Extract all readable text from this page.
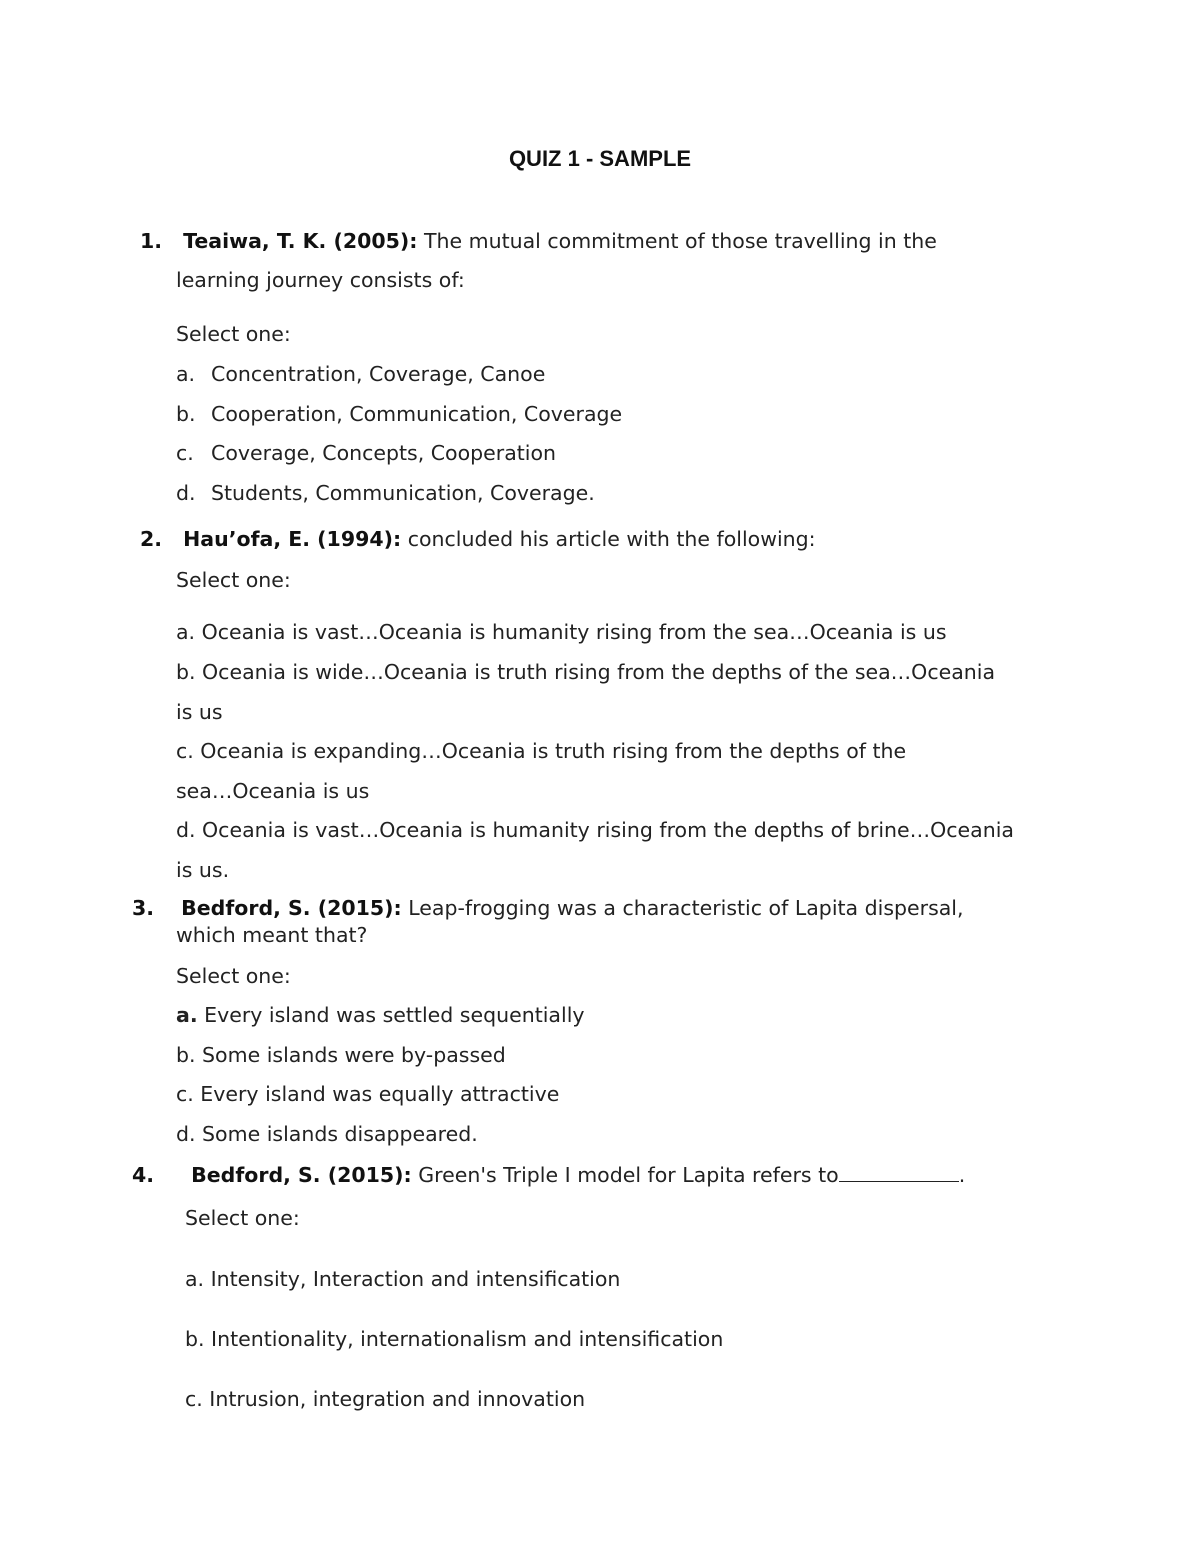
QUIZ 1 - SAMPLE
1. Teaiwa, T. K. (2005): The mutual commitment of those travelling in the
learning journey consists of:
Select one:
a. Concentration, Coverage, Canoe
b. Cooperation, Communication, Coverage
c. Coverage, Concepts, Cooperation
d. Students, Communication, Coverage.
2. Hau’ofa, E. (1994): concluded his article with the following:
Select one:
a. Oceania is vast…Oceania is humanity rising from the sea…Oceania is us
b. Oceania is wide…Oceania is truth rising from the depths of the sea…Oceania
is us
c. Oceania is expanding…Oceania is truth rising from the depths of the
sea…Oceania is us
d. Oceania is vast…Oceania is humanity rising from the depths of brine…Oceania
is us.
3. Bedford, S. (2015): Leap-frogging was a characteristic of Lapita dispersal,
which meant that?
Select one:
a. Every island was settled sequentially
b. Some islands were by-passed
c. Every island was equally attractive
d. Some islands disappeared.
4. Bedford, S. (2015): Green's Triple I model for Lapita refers to	.
Select one:
a. Intensity, Interaction and intensification
b. Intentionality, internationalism and intensification
c. Intrusion, integration and innovation
